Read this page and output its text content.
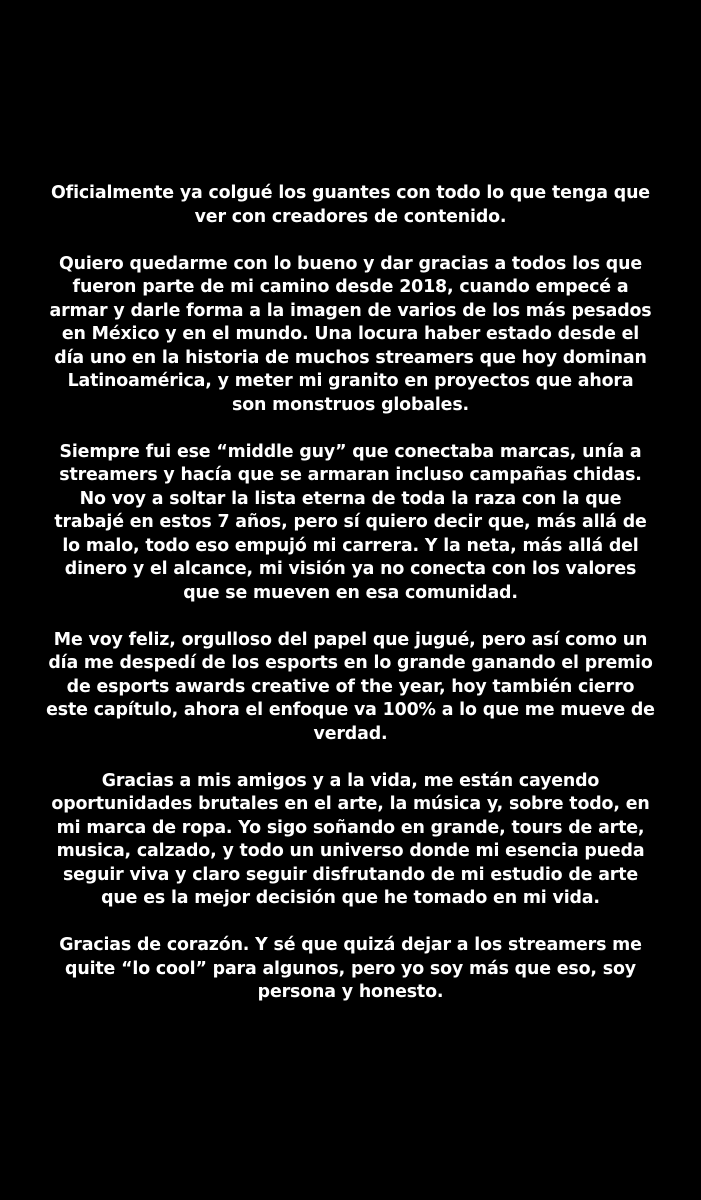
Oficialmente ya colgué los guantes con todo lo que tenga que
ver con creadores de contenido.

Quiero quedarme con lo bueno y dar gracias a todos los que
fueron parte de mi camino desde 2018, cuando empecé a
armar y darle forma a la imagen de varios de los más pesados
en México y en el mundo. Una locura haber estado desde el
día uno en la historia de muchos streamers que hoy dominan
Latinoamérica, y meter mi granito en proyectos que ahora
son monstruos globales.

Siempre fui ese “middle guy” que conectaba marcas, unía a
streamers y hacía que se armaran incluso campañas chidas.
No voy a soltar la lista eterna de toda la raza con la que
trabajé en estos 7 años, pero sí quiero decir que, más allá de
lo malo, todo eso empujó mi carrera. Y la neta, más allá del
dinero y el alcance, mi visión ya no conecta con los valores
que se mueven en esa comunidad.

Me voy feliz, orgulloso del papel que jugué, pero así como un
día me despedí de los esports en lo grande ganando el premio
de esports awards creative of the year, hoy también cierro
este capítulo, ahora el enfoque va 100% a lo que me mueve de
verdad.

Gracias a mis amigos y a la vida, me están cayendo
oportunidades brutales en el arte, la música y, sobre todo, en
mi marca de ropa. Yo sigo soñando en grande, tours de arte,
musica, calzado, y todo un universo donde mi esencia pueda
seguir viva y claro seguir disfrutando de mi estudio de arte
que es la mejor decisión que he tomado en mi vida.

Gracias de corazón. Y sé que quizá dejar a los streamers me
quite “lo cool” para algunos, pero yo soy más que eso, soy
persona y honesto.
